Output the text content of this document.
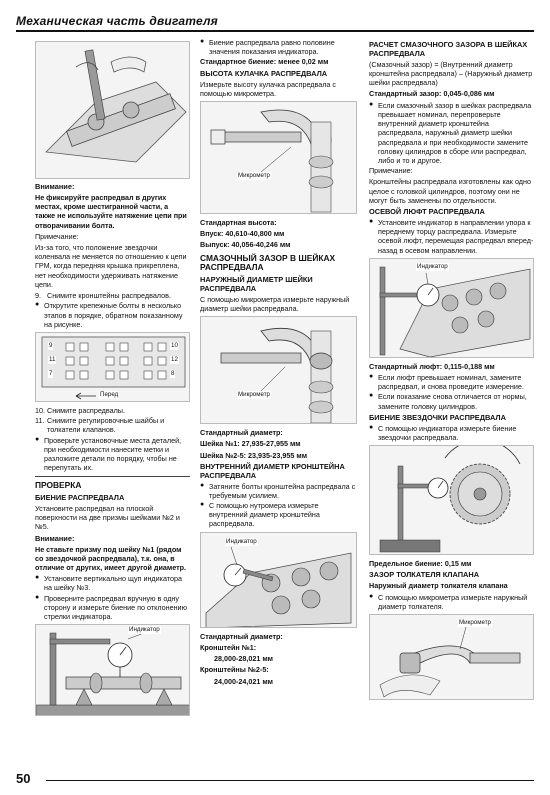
Механическая часть двигателя
Внимание:
Не фиксируйте распредвал в других местах, кроме шестигранной части, а также не используйте натяжение цепи при отворачивании болта.
Примечание:
Из-за того, что положение звездочки коленвала не меняется по отношению к цепи ГРМ, когда передняя крышка прикреплена, нет необходимости удерживать натяжение цепи.
9. Снимите кронштейны распредвалов.
● Открутите крепежные болты в несколько этапов в порядке, обратном показанному на рисунке.
9
11
7
10
12
8
Перед
10. Снимите распредвалы.
11. Снимите регулировочные шайбы и толкатели клапанов.
● Проверьте установочные места деталей, при необходимости нанесите метки и разложите детали по порядку, чтобы не перепутать их.
ПРОВЕРКА
БИЕНИЕ РАСПРЕДВАЛА
Установите распредвал на плоской поверхности на две призмы шейками №2 и №5.
Внимание:
Не ставьте призму под шейку №1 (рядом со звездочкой распредвала), т.к. она, в отличие от других, имеет другой диаметр.
● Установите вертикально щуп индикатора на шейку №3.
● Проверните распредвал вручную в одну сторону и измерьте биение по отклонению стрелки индикатора.
Индикатор
● Биение распредвала равно половине значения показания индикатора.
Стандартное биение: менее 0,02 мм
ВЫСОТА КУЛАЧКА РАСПРЕДВАЛА
Измерьте высоту кулачка распредвала с помощью микрометра.
Микрометр
Стандартная высота:
Впуск: 40,610-40,800 мм
Выпуск: 40,056-40,246 мм
СМАЗОЧНЫЙ ЗАЗОР В ШЕЙКАХ РАСПРЕДВАЛА
НАРУЖНЫЙ ДИАМЕТР ШЕЙКИ РАСПРЕДВАЛА
С помощью микрометра измерьте наружный диаметр шейки распредвала.
Микрометр
Стандартный диаметр:
Шейка №1: 27,935-27,955 мм
Шейка №2-5: 23,935-23,955 мм
ВНУТРЕННИЙ ДИАМЕТР КРОНШТЕЙНА РАСПРЕДВАЛА
● Затяните болты кронштейна распредвала с требуемым усилием.
● С помощью нутромера измерьте внутренний диаметр кронштейна распредвала.
Индикатор
Стандартный диаметр:
Кронштейн №1:
28,000-28,021 мм
Кронштейны №2-5:
24,000-24,021 мм
РАСЧЕТ СМАЗОЧНОГО ЗАЗОРА В ШЕЙКАХ РАСПРЕДВАЛА
(Смазочный зазор) = (Внутренний диаметр кронштейна распредвала) – (Наружный диаметр шейки распредвала)
Стандартный зазор: 0,045-0,086 мм
● Если смазочный зазор в шейках распредвала превышает номинал, перепроверьте внутренний диаметр кронштейна распредвала, наружный диаметр шейки распредвала и при необходимости замените головку цилиндров в сборе или распредвал, либо и то и другое.
Примечание:
Кронштейны распредвала изготовлены как одно целое с головкой цилиндров, поэтому они не могут быть заменены по отдельности.
ОСЕВОЙ ЛЮФТ РАСПРЕДВАЛА
● Установите индикатор в направлении упора к переднему торцу распредвала. Измерьте осевой люфт, перемещая распредвал вперед-назад в осевом направлении.
Индикатор
Стандартный люфт: 0,115-0,188 мм
● Если люфт превышает номинал, замените распредвал, и снова проведите измерение.
● Если показание снова отличается от нормы, замените головку цилиндров.
БИЕНИЕ ЗВЕЗДОЧКИ РАСПРЕДВАЛА
● С помощью индикатора измерьте биение звездочки распредвала.
Предельное биение: 0,15 мм
ЗАЗОР ТОЛКАТЕЛЯ КЛАПАНА
Наружный диаметр толкателя клапана
● С помощью микрометра измерьте наружный диаметр толкателя.
Микрометр
50
